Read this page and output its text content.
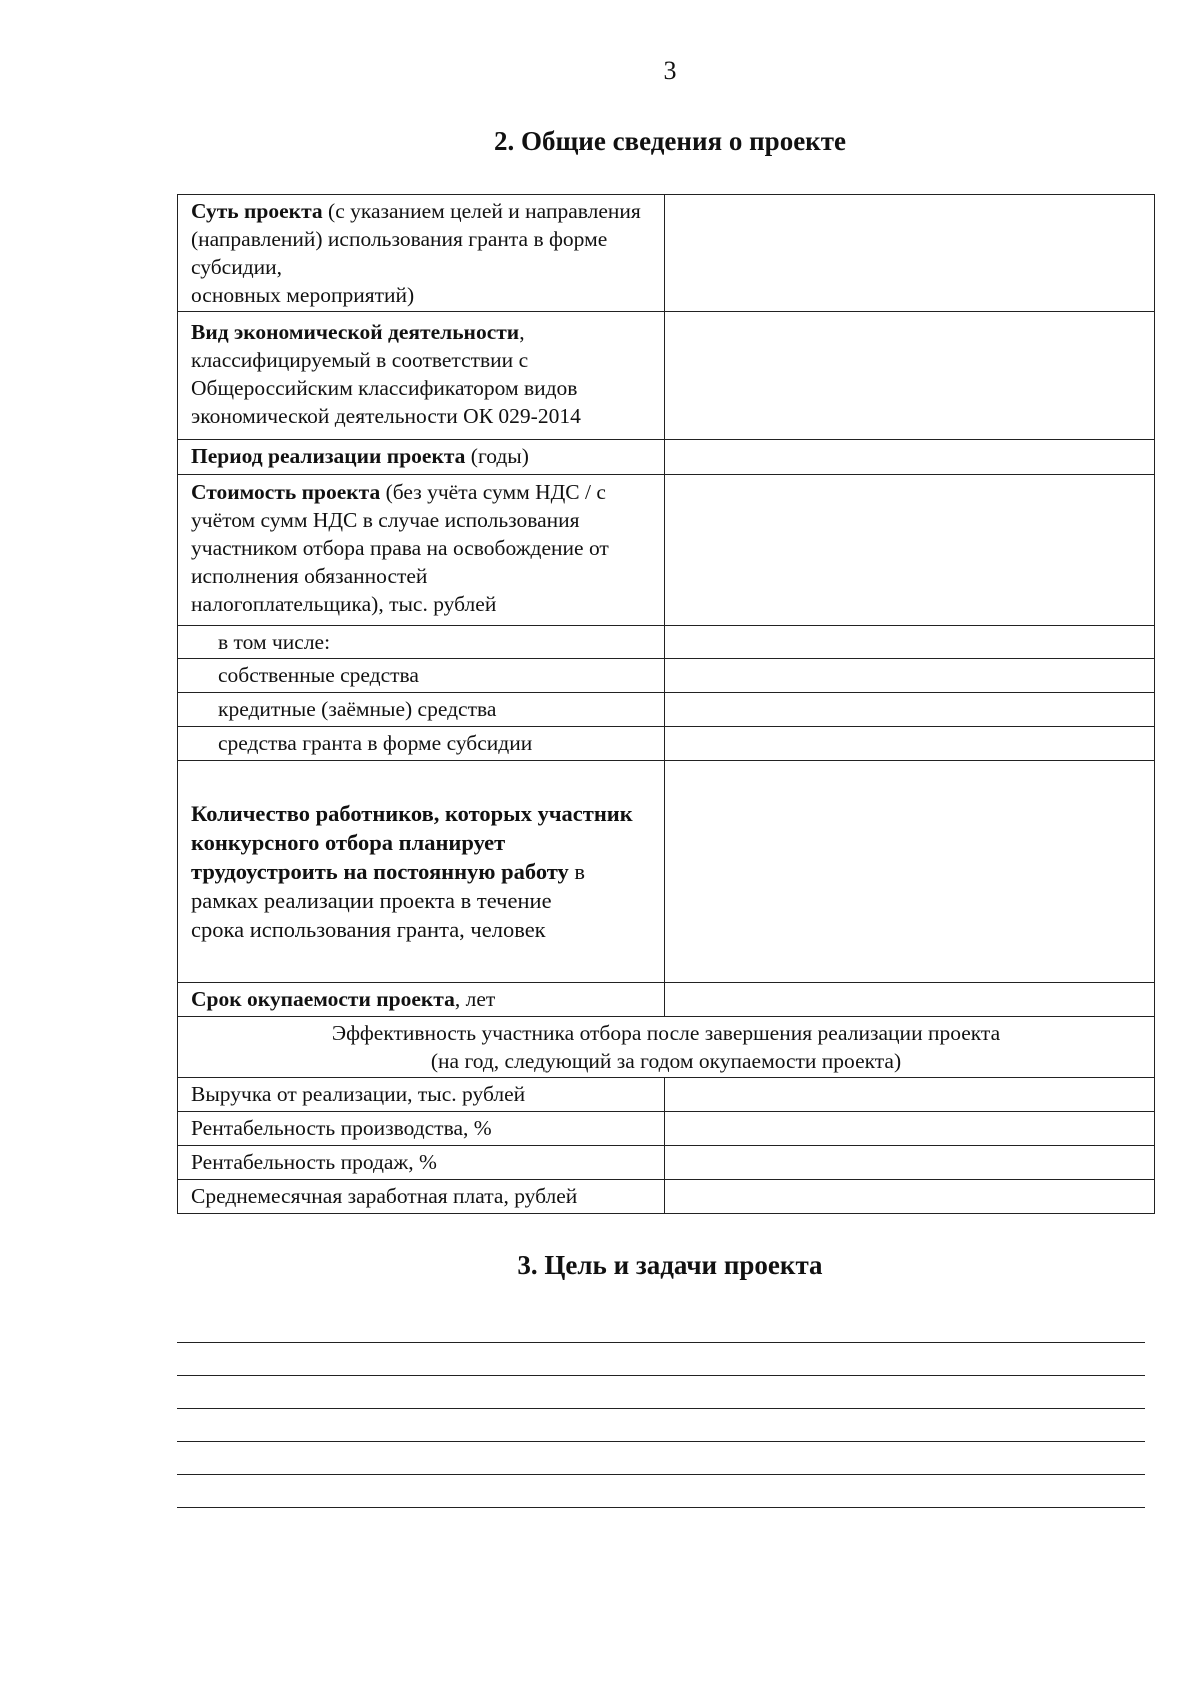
3
2. Общие сведения о проекте
Суть проекта (с указанием целей и направления (направлений) использования гранта в форме субсидии,
основных мероприятий)	

Вид экономической деятельности, классифицируемый в соответствии с Общероссийским классификатором видов
экономической деятельности ОК 029-2014	

Период реализации проекта (годы)	

Стоимость проекта (без учёта сумм НДС / с учётом сумм НДС в случае использования участником отбора права на освобождение от исполнения обязанностей
налогоплательщика), тыс. рублей	

в том числе:	

собственные средства	

кредитные (заёмные) средства	

средства гранта в форме субсидии	

Количество работников, которых участник конкурсного отбора планирует трудоустроить на постоянную работу в рамках реализации проекта в течение
срока использования гранта, человек	

Срок окупаемости проекта, лет	

Эффективность участника отбора после завершения реализации проекта
(на год, следующий за годом окупаемости проекта)	

Выручка от реализации, тыс. рублей	

Рентабельность производства, %	

Рентабельность продаж, %	

Среднемесячная заработная плата, рублей	

3. Цель и задачи проекта
